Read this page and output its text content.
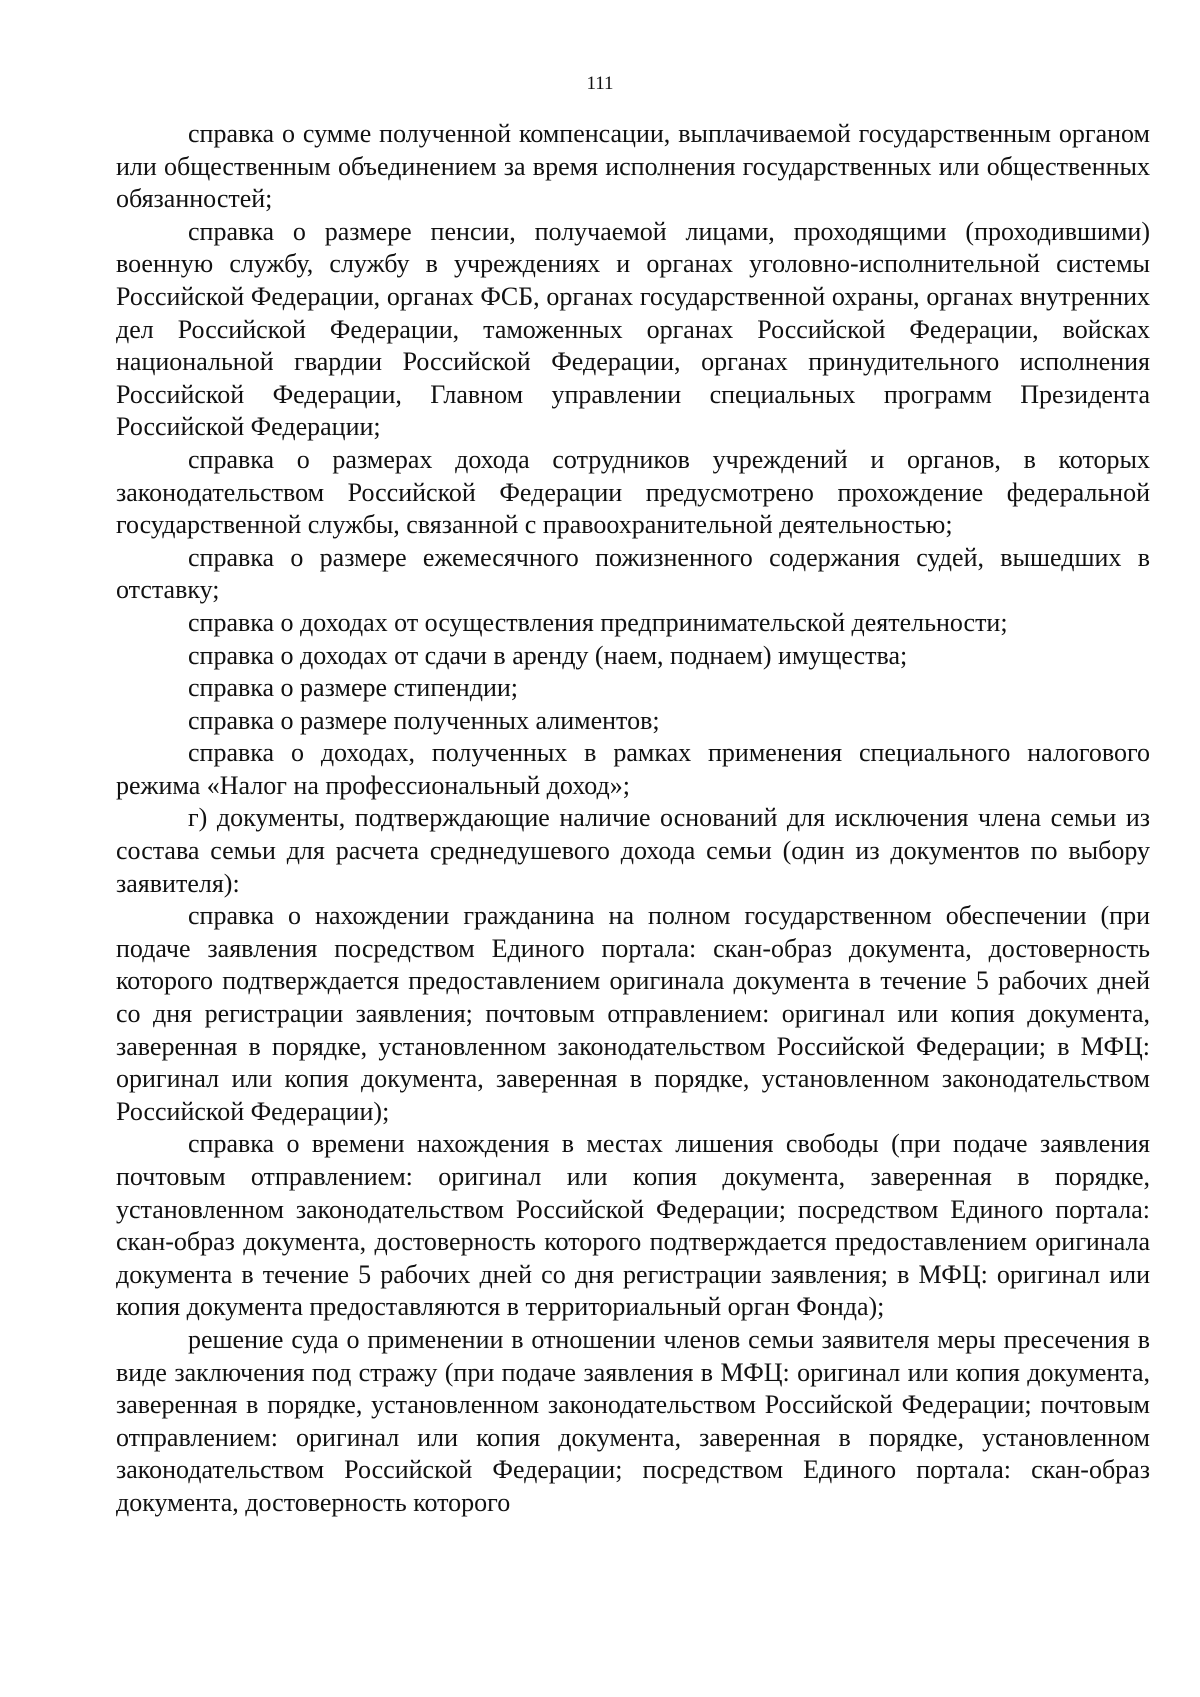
111

справка о сумме полученной компенсации, выплачиваемой государственным органом или общественным объединением за время исполнения государственных или общественных обязанностей;

справка о размере пенсии, получаемой лицами, проходящими (проходившими) военную службу, службу в учреждениях и органах уголовно-исполнительной системы Российской Федерации, органах ФСБ, органах государственной охраны, органах внутренних дел Российской Федерации, таможенных органах Российской Федерации, войсках национальной гвардии Российской Федерации, органах принудительного исполнения Российской Федерации, Главном управлении специальных программ Президента Российской Федерации;

справка о размерах дохода сотрудников учреждений и органов, в которых законодательством Российской Федерации предусмотрено прохождение федеральной государственной службы, связанной с правоохранительной деятельностью;

справка о размере ежемесячного пожизненного содержания судей, вышедших в отставку;

справка о доходах от осуществления предпринимательской деятельности;

справка о доходах от сдачи в аренду (наем, поднаем) имущества;

справка о размере стипендии;

справка о размере полученных алиментов;

справка о доходах, полученных в рамках применения специального налогового режима «Налог на профессиональный доход»;

г) документы, подтверждающие наличие оснований для исключения члена семьи из состава семьи для расчета среднедушевого дохода семьи (один из документов по выбору заявителя):

справка о нахождении гражданина на полном государственном обеспечении (при подаче заявления посредством Единого портала: скан-образ документа, достоверность которого подтверждается предоставлением оригинала документа в течение 5 рабочих дней со дня регистрации заявления; почтовым отправлением: оригинал или копия документа, заверенная в порядке, установленном законодательством Российской Федерации; в МФЦ: оригинал или копия документа, заверенная в порядке, установленном законодательством Российской Федерации);

справка о времени нахождения в местах лишения свободы (при подаче заявления почтовым отправлением: оригинал или копия документа, заверенная в порядке, установленном законодательством Российской Федерации; посредством Единого портала: скан-образ документа, достоверность которого подтверждается предоставлением оригинала документа в течение 5 рабочих дней со дня регистрации заявления; в МФЦ: оригинал или копия документа предоставляются в территориальный орган Фонда);

решение суда о применении в отношении членов семьи заявителя меры пресечения в виде заключения под стражу (при подаче заявления в МФЦ: оригинал или копия документа, заверенная в порядке, установленном законодательством Российской Федерации; почтовым отправлением: оригинал или копия документа, заверенная в порядке, установленном законодательством Российской Федерации; посредством Единого портала: скан-образ документа, достоверность которого
